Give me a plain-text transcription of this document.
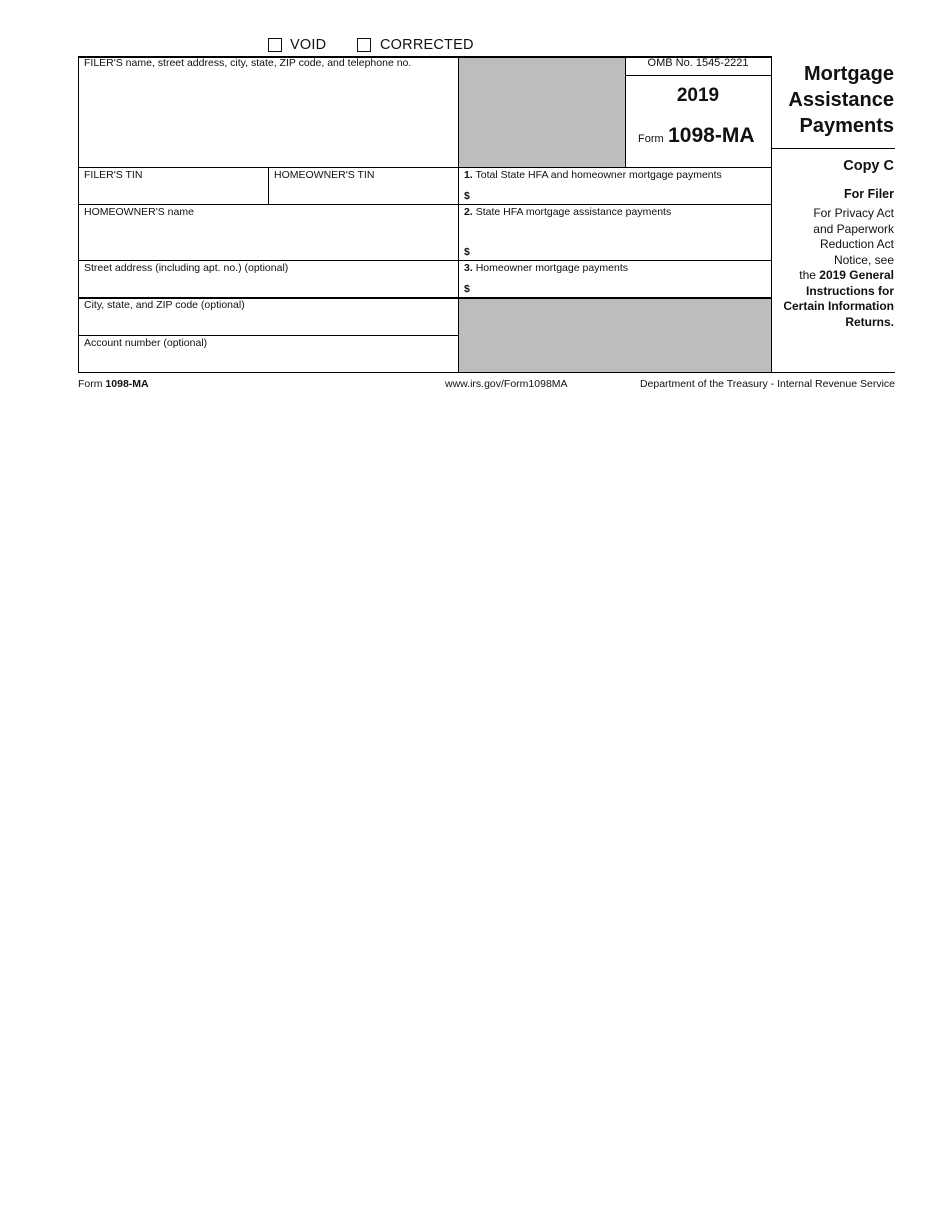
VOID	CORRECTED
FILER'S name, street address, city, state, ZIP code, and telephone no.
FILER'S TIN	HOMEOWNER'S TIN
HOMEOWNER'S name
Street address (including apt. no.) (optional)
City, state, and ZIP code (optional)
Account number (optional)
1. Total State HFA and homeowner mortgage payments
$
2. State HFA mortgage assistance payments
$
3. Homeowner mortgage payments
$
OMB No. 1545-2221
2019
Form 1098-MA
Mortgage
Assistance
Payments
Copy C
For Filer
For Privacy Act
and Paperwork
Reduction Act
Notice, see
the 2019 General
Instructions for
Certain Information
Returns.
Form 1098-MA	www.irs.gov/Form1098MA	Department of the Treasury - Internal Revenue Service
